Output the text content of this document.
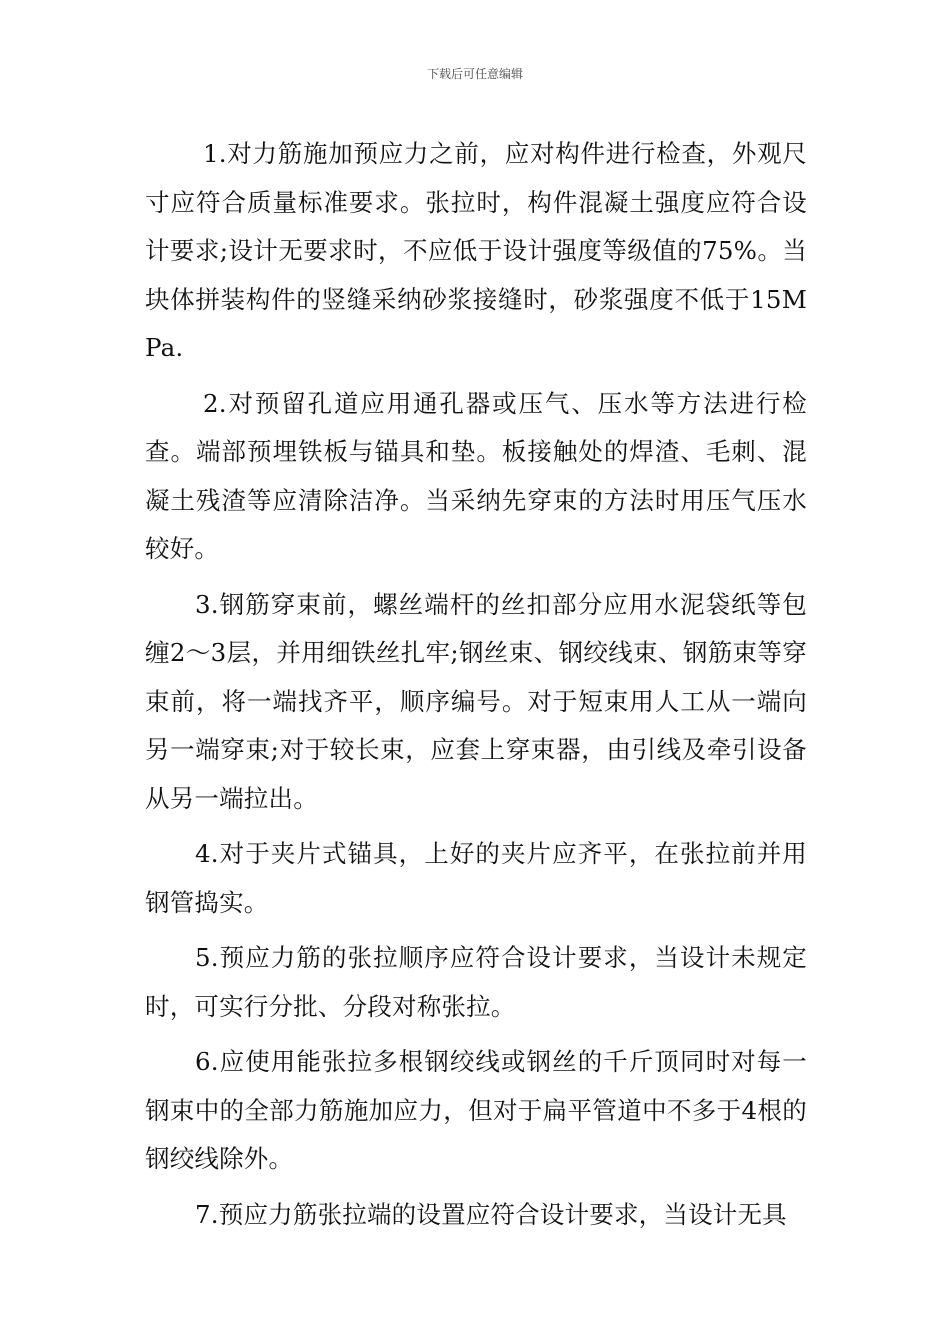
下载后可任意编辑

1.对力筋施加预应力之前，应对构件进行检查，外观尺寸应符合质量标准要求。张拉时，构件混凝土强度应符合设计要求;设计无要求时，不应低于设计强度等级值的75%。当块体拼装构件的竖缝采纳砂浆接缝时，砂浆强度不低于15MPa.

2.对预留孔道应用通孔器或压气、压水等方法进行检查。端部预埋铁板与锚具和垫。板接触处的焊渣、毛刺、混凝土残渣等应清除洁净。当采纳先穿束的方法时用压气压水较好。

3.钢筋穿束前，螺丝端杆的丝扣部分应用水泥袋纸等包缠2～3层，并用细铁丝扎牢;钢丝束、钢绞线束、钢筋束等穿束前，将一端找齐平，顺序编号。对于短束用人工从一端向另一端穿束;对于较长束，应套上穿束器，由引线及牵引设备从另一端拉出。

4.对于夹片式锚具，上好的夹片应齐平，在张拉前并用钢管捣实。

5.预应力筋的张拉顺序应符合设计要求，当设计未规定时，可实行分批、分段对称张拉。

6.应使用能张拉多根钢绞线或钢丝的千斤顶同时对每一钢束中的全部力筋施加应力，但对于扁平管道中不多于4根的钢绞线除外。

7.预应力筋张拉端的设置应符合设计要求，当设计无具
